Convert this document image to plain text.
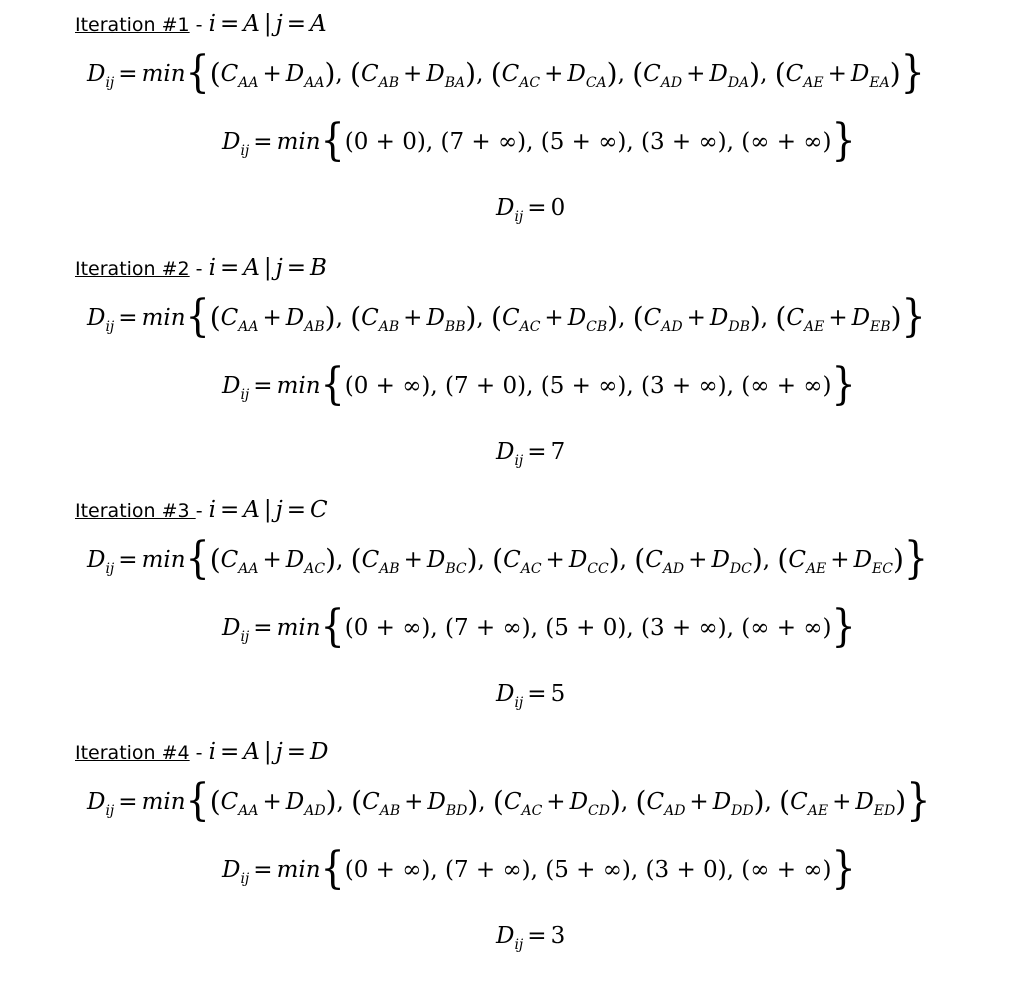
Iteration #1 - i = A | j = A
$D_{ij} = \min\{(C_{AA} + D_{AA})$, $(C_{AB} + D_{BA})$, $(C_{AC} + D_{CA})$, $(C_{AD} + D_{DA})$, $(C_{AE} + D_{EA})$}
$D_{ij} = \min\{(0 + 0)$, (7 + ∞), (5 + ∞), (3 + ∞), (∞ + ∞)}
$D_{ij} = 0$
Iteration #2 - i = A | j = B
$D_{ij} = \min\{(C_{AA} + D_{AB})$, $(C_{AB} + D_{BB})$, $(C_{AC} + D_{CB})$, $(C_{AD} + D_{DB})$, $(C_{AE} + D_{EB})$}
$D_{ij} = \min\{(0$ + ∞), (7 + 0), (5 + ∞), (3 + ∞), (∞ + ∞)}
$D_{ij} = 7$
Iteration #3 - i = A | j = C
$D_{ij} = \min\{(C_{AA} + D_{AC})$, $(C_{AB} + D_{BC})$, $(C_{AC} + D_{CC})$, $(C_{AD} + D_{DC})$, $(C_{AE} + D_{EC})$}
$D_{ij} = \min\{(0$ + ∞), (7 + ∞), (5 + 0), (3 + ∞), (∞ + ∞)}
$D_{ij} = 5$
Iteration #4 - i = A | j = D
$D_{ij} = \min\{(C_{AA} + D_{AD})$, $(C_{AB} + D_{BD})$, $(C_{AC} + D_{CD})$, $(C_{AD} + D_{DD})$, $(C_{AE} + D_{ED})$}
$D_{ij} = \min\{(0$ + ∞), (7 + ∞), (5 + ∞), (3 + 0), (∞ + ∞)}
$D_{ij} = 3$
